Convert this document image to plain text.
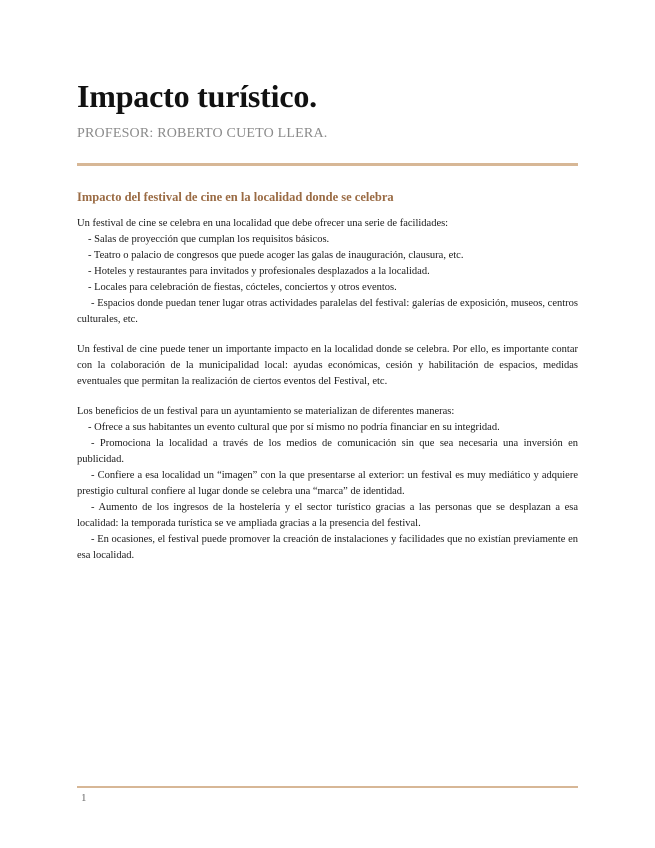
Impacto turístico.
PROFESOR: ROBERTO CUETO LLERA.
Impacto del festival de cine en la localidad donde se celebra

Un festival de cine se celebra en una localidad que debe ofrecer una serie de facilidades:

- Salas de proyección que cumplan los requisitos básicos.

- Teatro o palacio de congresos que puede acoger las galas de inauguración, clausura, etc.

- Hoteles y restaurantes para invitados y profesionales desplazados a la localidad.

- Locales para celebración de fiestas, cócteles, conciertos y otros eventos.

- Espacios donde puedan tener lugar otras actividades paralelas del festival: galerías de exposición, museos, centros culturales, etc.

Un festival de cine puede tener un importante impacto en la localidad donde se celebra. Por ello, es importante contar con la colaboración de la municipalidad local: ayudas económicas, cesión y habilitación de espacios, medidas eventuales que permitan la realización de ciertos eventos del Festival, etc.

Los beneficios de un festival para un ayuntamiento se materializan de diferentes maneras:

- Ofrece a sus habitantes un evento cultural que por sí mismo no podría financiar en su integridad.

- Promociona la localidad a través de los medios de comunicación sin que sea necesaria una inversión en publicidad.

- Confiere a esa localidad un “imagen” con la que presentarse al exterior: un festival es muy mediático y adquiere prestigio cultural confiere al lugar donde se celebra una “marca” de identidad.

- Aumento de los ingresos de la hostelería y el sector turístico gracias a las personas que se desplazan a esa localidad: la temporada turística se ve ampliada gracias a la presencia del festival.

- En ocasiones, el festival puede promover la creación de instalaciones y facilidades que no existían previamente en esa localidad.

1
